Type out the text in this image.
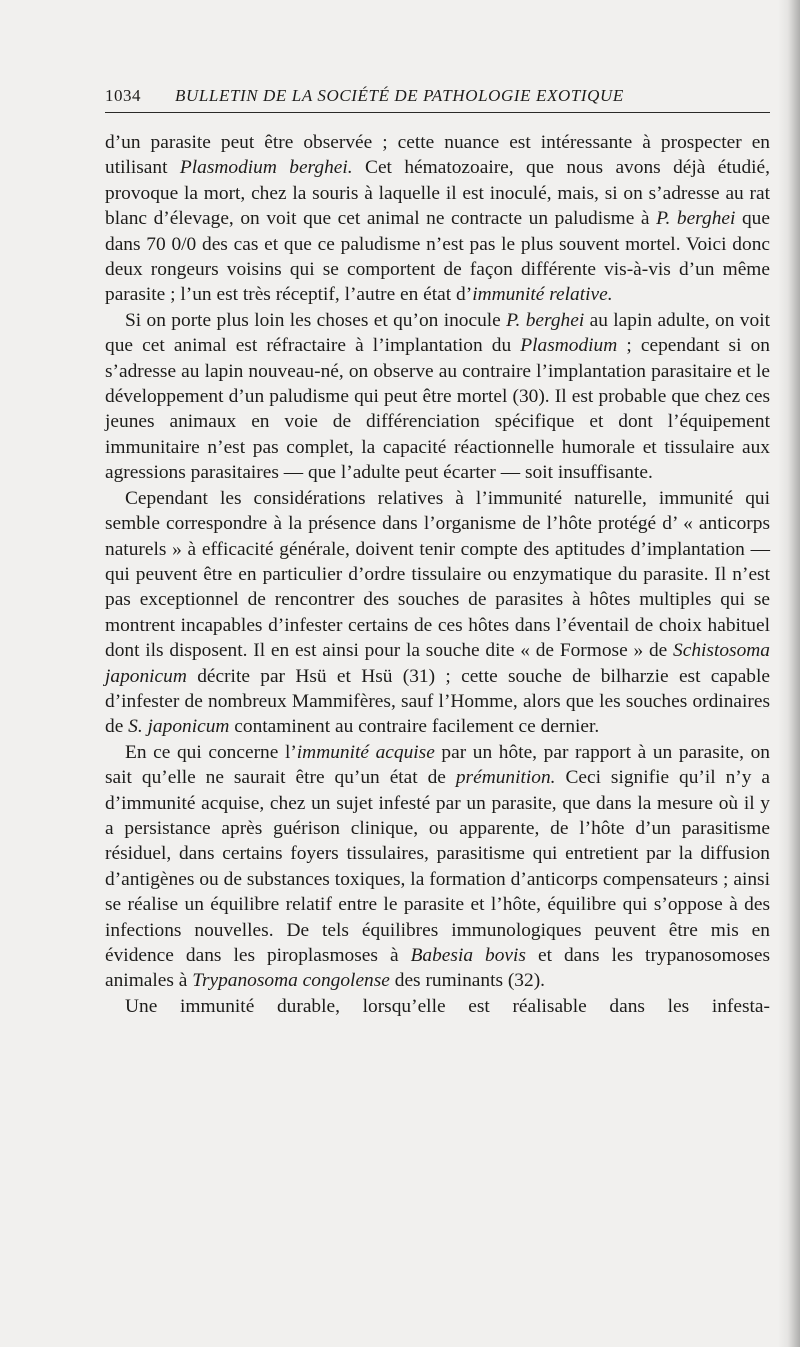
1034 BULLETIN DE LA SOCIÉTÉ DE PATHOLOGIE EXOTIQUE

d’un parasite peut être observée ; cette nuance est intéressante à prospecter en utilisant Plasmodium berghei. Cet hématozoaire, que nous avons déjà étudié, provoque la mort, chez la souris à laquelle il est inoculé, mais, si on s’adresse au rat blanc d’élevage, on voit que cet animal ne contracte un paludisme à P. berghei que dans 70 0/0 des cas et que ce paludisme n’est pas le plus souvent mortel. Voici donc deux rongeurs voisins qui se comportent de façon différente vis-à-vis d’un même parasite ; l’un est très réceptif, l’autre en état d’immunité relative.

Si on porte plus loin les choses et qu’on inocule P. berghei au lapin adulte, on voit que cet animal est réfractaire à l’implantation du Plasmodium ; cependant si on s’adresse au lapin nouveau-né, on observe au contraire l’implantation parasitaire et le développement d’un paludisme qui peut être mortel (30). Il est probable que chez ces jeunes animaux en voie de différenciation spécifique et dont l’équipement immunitaire n’est pas complet, la capacité réactionnelle humorale et tissulaire aux agressions parasitaires — que l’adulte peut écarter — soit insuffisante.

Cependant les considérations relatives à l’immunité naturelle, immunité qui semble correspondre à la présence dans l’organisme de l’hôte protégé d’ « anticorps naturels » à efficacité générale, doivent tenir compte des aptitudes d’implantation — qui peuvent être en particulier d’ordre tissulaire ou enzymatique du parasite. Il n’est pas exceptionnel de rencontrer des souches de parasites à hôtes multiples qui se montrent incapables d’infester certains de ces hôtes dans l’éventail de choix habituel dont ils disposent. Il en est ainsi pour la souche dite « de Formose » de Schistosoma japonicum décrite par Hsü et Hsü (31) ; cette souche de bilharzie est capable d’infester de nombreux Mammifères, sauf l’Homme, alors que les souches ordinaires de S. japonicum contaminent au contraire facilement ce dernier.

En ce qui concerne l’immunité acquise par un hôte, par rapport à un parasite, on sait qu’elle ne saurait être qu’un état de prémunition. Ceci signifie qu’il n’y a d’immunité acquise, chez un sujet infesté par un parasite, que dans la mesure où il y a persistance après guérison clinique, ou apparente, de l’hôte d’un parasitisme résiduel, dans certains foyers tissulaires, parasitisme qui entretient par la diffusion d’antigènes ou de substances toxiques, la formation d’anticorps compensateurs ; ainsi se réalise un équilibre relatif entre le parasite et l’hôte, équilibre qui s’oppose à des infections nouvelles. De tels équilibres immunologiques peuvent être mis en évidence dans les piroplasmoses à Babesia bovis et dans les trypanosomoses animales à Trypanosoma congolense des ruminants (32).

Une immunité durable, lorsqu’elle est réalisable dans les infesta-
